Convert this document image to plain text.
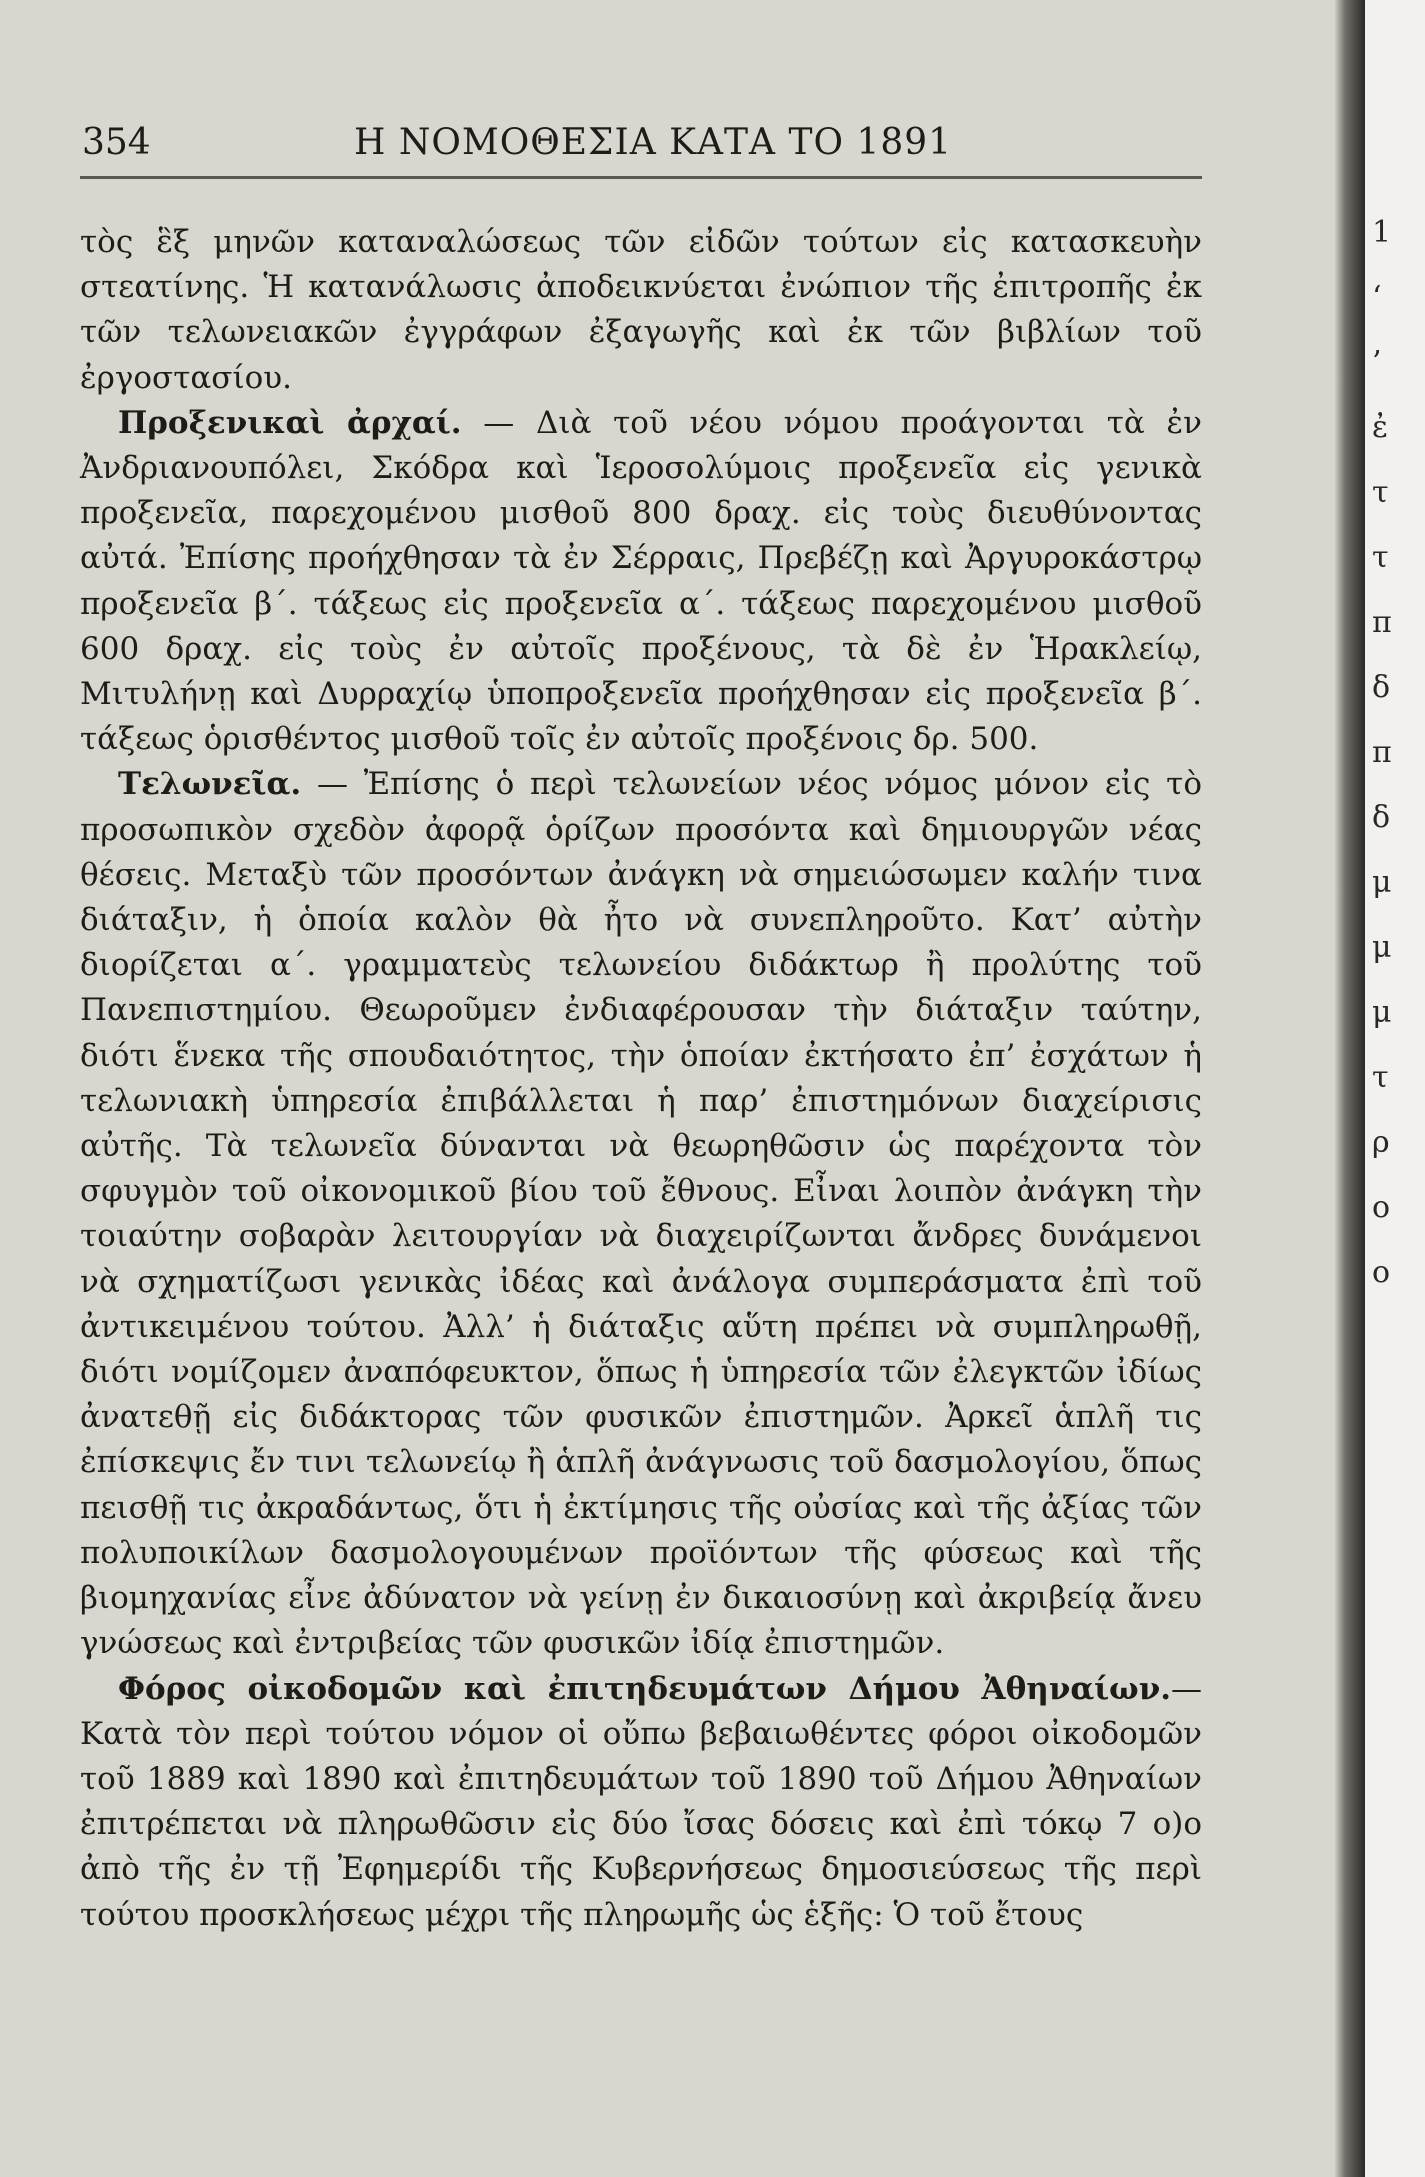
354	Η ΝΟΜΟΘΕΣΙΑ ΚΑΤΑ ΤΟ 1891

τὸς ἓξ μηνῶν καταναλώσεως τῶν εἰδῶν τούτων εἰς κατασκευὴν στεατίνης. Ἡ κατανάλωσις ἀποδεικνύεται ἐνώπιον τῆς ἐπιτροπῆς ἐκ τῶν τελωνειακῶν ἐγγράφων ἐξαγωγῆς καὶ ἐκ τῶν βιβλίων τοῦ ἐργοστασίου.

Προξενικαὶ ἀρχαί. — Διὰ τοῦ νέου νόμου προάγονται τὰ ἐν Ἀνδριανουπόλει, Σκόδρα καὶ Ἱεροσολύμοις προξενεῖα εἰς γενικὰ προξενεῖα, παρεχομένου μισθοῦ 800 δραχ. εἰς τοὺς διευθύνοντας αὐτά. Ἐπίσης προήχθησαν τὰ ἐν Σέρραις, Πρεβέζῃ καὶ Ἀργυροκάστρῳ προξενεῖα β΄. τάξεως εἰς προξενεῖα α΄. τάξεως παρεχομένου μισθοῦ 600 δραχ. εἰς τοὺς ἐν αὐτοῖς προξένους, τὰ δὲ ἐν Ἡρακλείῳ, Μιτυλήνῃ καὶ Δυρραχίῳ ὑποπροξενεῖα προήχθησαν εἰς προξενεῖα β΄. τάξεως ὁρισθέντος μισθοῦ τοῖς ἐν αὐτοῖς προξένοις δρ. 500.

Τελωνεῖα. — Ἐπίσης ὁ περὶ τελωνείων νέος νόμος μόνον εἰς τὸ προσωπικὸν σχεδὸν ἀφορᾷ ὁρίζων προσόντα καὶ δημιουργῶν νέας θέσεις. Μεταξὺ τῶν προσόντων ἀνάγκη νὰ σημειώσωμεν καλήν τινα διάταξιν, ἡ ὁποία καλὸν θὰ ἦτο νὰ συνεπληροῦτο. Κατ’ αὐτὴν διορίζεται α΄. γραμματεὺς τελωνείου διδάκτωρ ἢ προλύτης τοῦ Πανεπιστημίου. Θεωροῦμεν ἐνδιαφέρουσαν τὴν διάταξιν ταύτην, διότι ἕνεκα τῆς σπουδαιότητος, τὴν ὁποίαν ἐκτήσατο ἐπ’ ἐσχάτων ἡ τελωνιακὴ ὑπηρεσία ἐπιβάλλεται ἡ παρ’ ἐπιστημόνων διαχείρισις αὐτῆς. Τὰ τελωνεῖα δύνανται νὰ θεωρηθῶσιν ὡς παρέχοντα τὸν σφυγμὸν τοῦ οἰκονομικοῦ βίου τοῦ ἔθνους. Εἶναι λοιπὸν ἀνάγκη τὴν τοιαύτην σοβαρὰν λειτουργίαν νὰ διαχειρίζωνται ἄνδρες δυνάμενοι νὰ σχηματίζωσι γενικὰς ἰδέας καὶ ἀνάλογα συμπεράσματα ἐπὶ τοῦ ἀντικειμένου τούτου. Ἀλλ’ ἡ διάταξις αὕτη πρέπει νὰ συμπληρωθῇ, διότι νομίζομεν ἀναπόφευκτον, ὅπως ἡ ὑπηρεσία τῶν ἐλεγκτῶν ἰδίως ἀνατεθῇ εἰς διδάκτορας τῶν φυσικῶν ἐπιστημῶν. Ἀρκεῖ ἁπλῆ τις ἐπίσκεψις ἔν τινι τελωνείῳ ἢ ἁπλῆ ἀνάγνωσις τοῦ δασμολογίου, ὅπως πεισθῇ τις ἀκραδάντως, ὅτι ἡ ἐκτίμησις τῆς οὐσίας καὶ τῆς ἀξίας τῶν πολυποικίλων δασμολογουμένων προϊόντων τῆς φύσεως καὶ τῆς βιομηχανίας εἶνε ἀδύνατον νὰ γείνῃ ἐν δικαιοσύνῃ καὶ ἀκριβείᾳ ἄνευ γνώσεως καὶ ἐντριβείας τῶν φυσικῶν ἰδίᾳ ἐπιστημῶν.

Φόρος οἰκοδομῶν καὶ ἐπιτηδευμάτων Δήμου Ἀθηναίων.— Κατὰ τὸν περὶ τούτου νόμον οἱ οὔπω βεβαιωθέντες φόροι οἰκοδομῶν τοῦ 1889 καὶ 1890 καὶ ἐπιτηδευμάτων τοῦ 1890 τοῦ Δήμου Ἀθηναίων ἐπιτρέπεται νὰ πληρωθῶσιν εἰς δύο ἴσας δόσεις καὶ ἐπὶ τόκῳ 7 ο)ο ἀπὸ τῆς ἐν τῇ Ἐφημερίδι τῆς Κυβερνήσεως δημοσιεύσεως τῆς περὶ τούτου προσκλήσεως μέχρι τῆς πληρωμῆς ὡς ἑξῆς: Ὁ τοῦ ἔτους

1
‘
’
ἐ
τ
τ
π
δ
π
δ
μ
μ
μ
τ
ρ
ο
ο
